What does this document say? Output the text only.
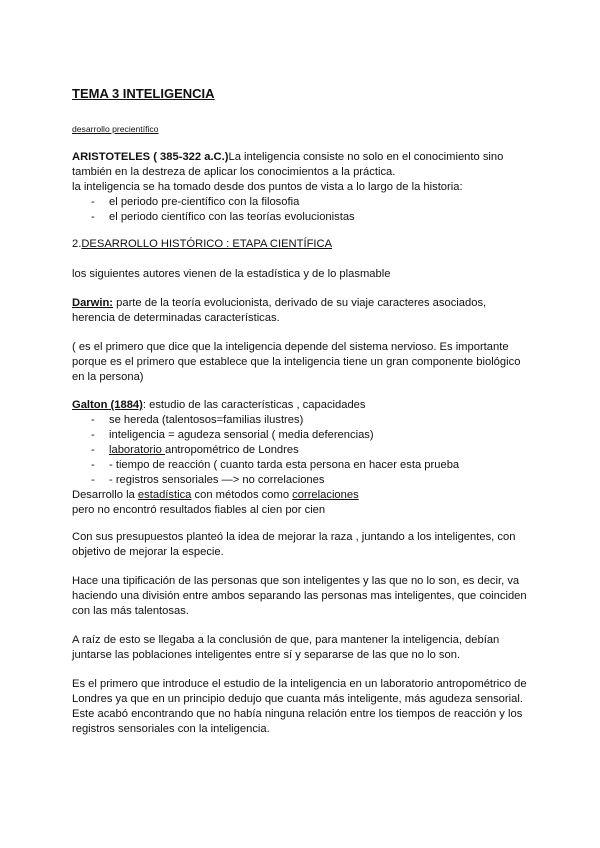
TEMA 3 INTELIGENCIA
desarrollo precientífico
ARISTOTELES ( 385-322 a.C.)La inteligencia consiste no solo en el conocimiento sino
también en la destreza de aplicar los conocimientos a la práctica.
la inteligencia se ha tomado desde dos puntos de vista a lo largo de la historia:
- el periodo pre-científico con la filosofia
- el periodo científico con las teorías evolucionistas
2.DESARROLLO HISTÓRICO : ETAPA CIENTÍFICA
los siguientes autores vienen de la estadística y de lo plasmable
Darwin: parte de la teoría evolucionista, derivado de su viaje caracteres asociados,
herencia de determinadas características.
( es el primero que dice que la inteligencia depende del sistema nervioso. Es importante
porque es el primero que establece que la inteligencia tiene un gran componente biológico
en la persona)
Galton (1884): estudio de las características , capacidades
- se hereda (talentosos=familias ilustres)
- inteligencia = agudeza sensorial ( media deferencias)
- laboratorio antropométrico de Londres
- - tiempo de reacción ( cuanto tarda esta persona en hacer esta prueba
- - registros sensoriales —> no correlaciones
Desarrollo la estadística con métodos como correlaciones
pero no encontró resultados fiables al cien por cien
Con sus presupuestos planteó la idea de mejorar la raza , juntando a los inteligentes, con
objetivo de mejorar la especie.
Hace una tipificación de las personas que son inteligentes y las que no lo son, es decir, va
haciendo una división entre ambos separando las personas mas inteligentes, que coinciden
con las más talentosas.
A raíz de esto se llegaba a la conclusión de que, para mantener la inteligencia, debían
juntarse las poblaciones inteligentes entre sí y separarse de las que no lo son.
Es el primero que introduce el estudio de la inteligencia en un laboratorio antropométrico de
Londres ya que en un principio dedujo que cuanta más inteligente, más agudeza sensorial.
Este acabó encontrando que no había ninguna relación entre los tiempos de reacción y los
registros sensoriales con la inteligencia.
